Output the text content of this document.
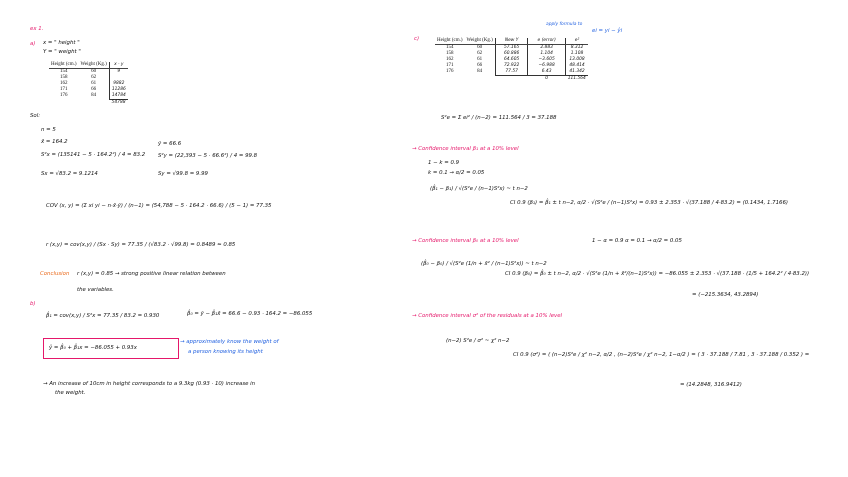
ex 1.
a) x = " height "
Y = " weight "
Height (cm.)	Weight (Kg.)	x · y
154	60	9
158	62	
162	61	9882
171	66	11286
176	84	14784
		54788
Sol:
n = 5
x̄ = 164.2
S²x = (135141 − 5 · 164.2²) / 4 = 83.2
ȳ = 66.6
S²y = (22,393 − 5 · 66.6²) / 4 = 99.8
Sx = √83.2 = 9.1214	Sy = √99.8 = 9.99
COV (x, y) = (Σ xi yi − n·x̄·ȳ) / (n−1) = (54,788 − 5 · 164.2 · 66.6) / (5 − 1) = 77.35
r (x,y) = cov(x,y) / (Sx · Sy) = 77.35 / (√83.2 · √99.8) = 0.8489 ≃ 0.85
Conclusion r (x,y) = 0.85 → strong positive linear relation between
the variables.
b)
β̂₁ = cov(x,y) / S²x = 77.35 / 83.2 = 0.930	β̂₀ = ȳ − β̂₁x̄ = 66.6 − 0.93 · 164.2 = −86.055
ŷ = β̂₀ + β̂₁x = −86.055 + 0.93x
→ approximately know the weight of
a person knowing its height
→ An increase of 10cm in height corresponds to a 9.3kg (0.93 · 10) increase in
the weight.
c)
apply formula to
ei = yi − ŷi
Height (cm.)	Weight (Kg.)	New Y	e (error)	e²
154	60	57.165	2.883	8.312
158	62	60.886	1.104	1.108
162	61	64.605	−3.605	13.008
171	66	72.922	−6.988	48.414
176	84	77.57	6.43	41.342
			0	111.564
S²e = Σ ei² / (n−2) = 111.564 / 3 = 37.188
→ Confidence interval β₁ at a 10% level
1 − k = 0.9
k = 0.1 → α/2 = 0.05
(β̂₁ − β₁) / √(S²e / (n−1)S²x) ~ t n−2
CI 0.9 (β₁) = β̂₁ ± t n−2, α/2 · √(S²e / (n−1)S²x) = 0.93 ± 2.353 · √(37.188 / 4·83.2) = (0.1434, 1.7166)
→ Confidence interval β₀ at a 10% level	1 − α = 0.9 α = 0.1 → α/2 = 0.05
(β̂₀ − β₀) / √(S²e (1/n + x̄² / (n−1)S²x)) ~ t n−2
CI 0.9 (β₀) = β̂₀ ± t n−2, α/2 · √(S²e (1/n + x̄²/(n−1)S²x)) = −86.055 ± 2.353 · √(37.188 · (1/5 + 164.2² / 4·83.2))
= (−215.3634, 43.2894)
→ Confidence interval σ² of the residuals at a 10% level
(n−2) S²e / σ² ~ χ² n−2
CI 0.9 (σ²) = ( (n−2)S²e / χ² n−2, α/2 , (n−2)S²e / χ² n−2, 1−α/2 ) = ( 3 · 37.188 / 7.81 , 3 · 37.188 / 0.352 ) =
= (14.2848, 316.9412)
